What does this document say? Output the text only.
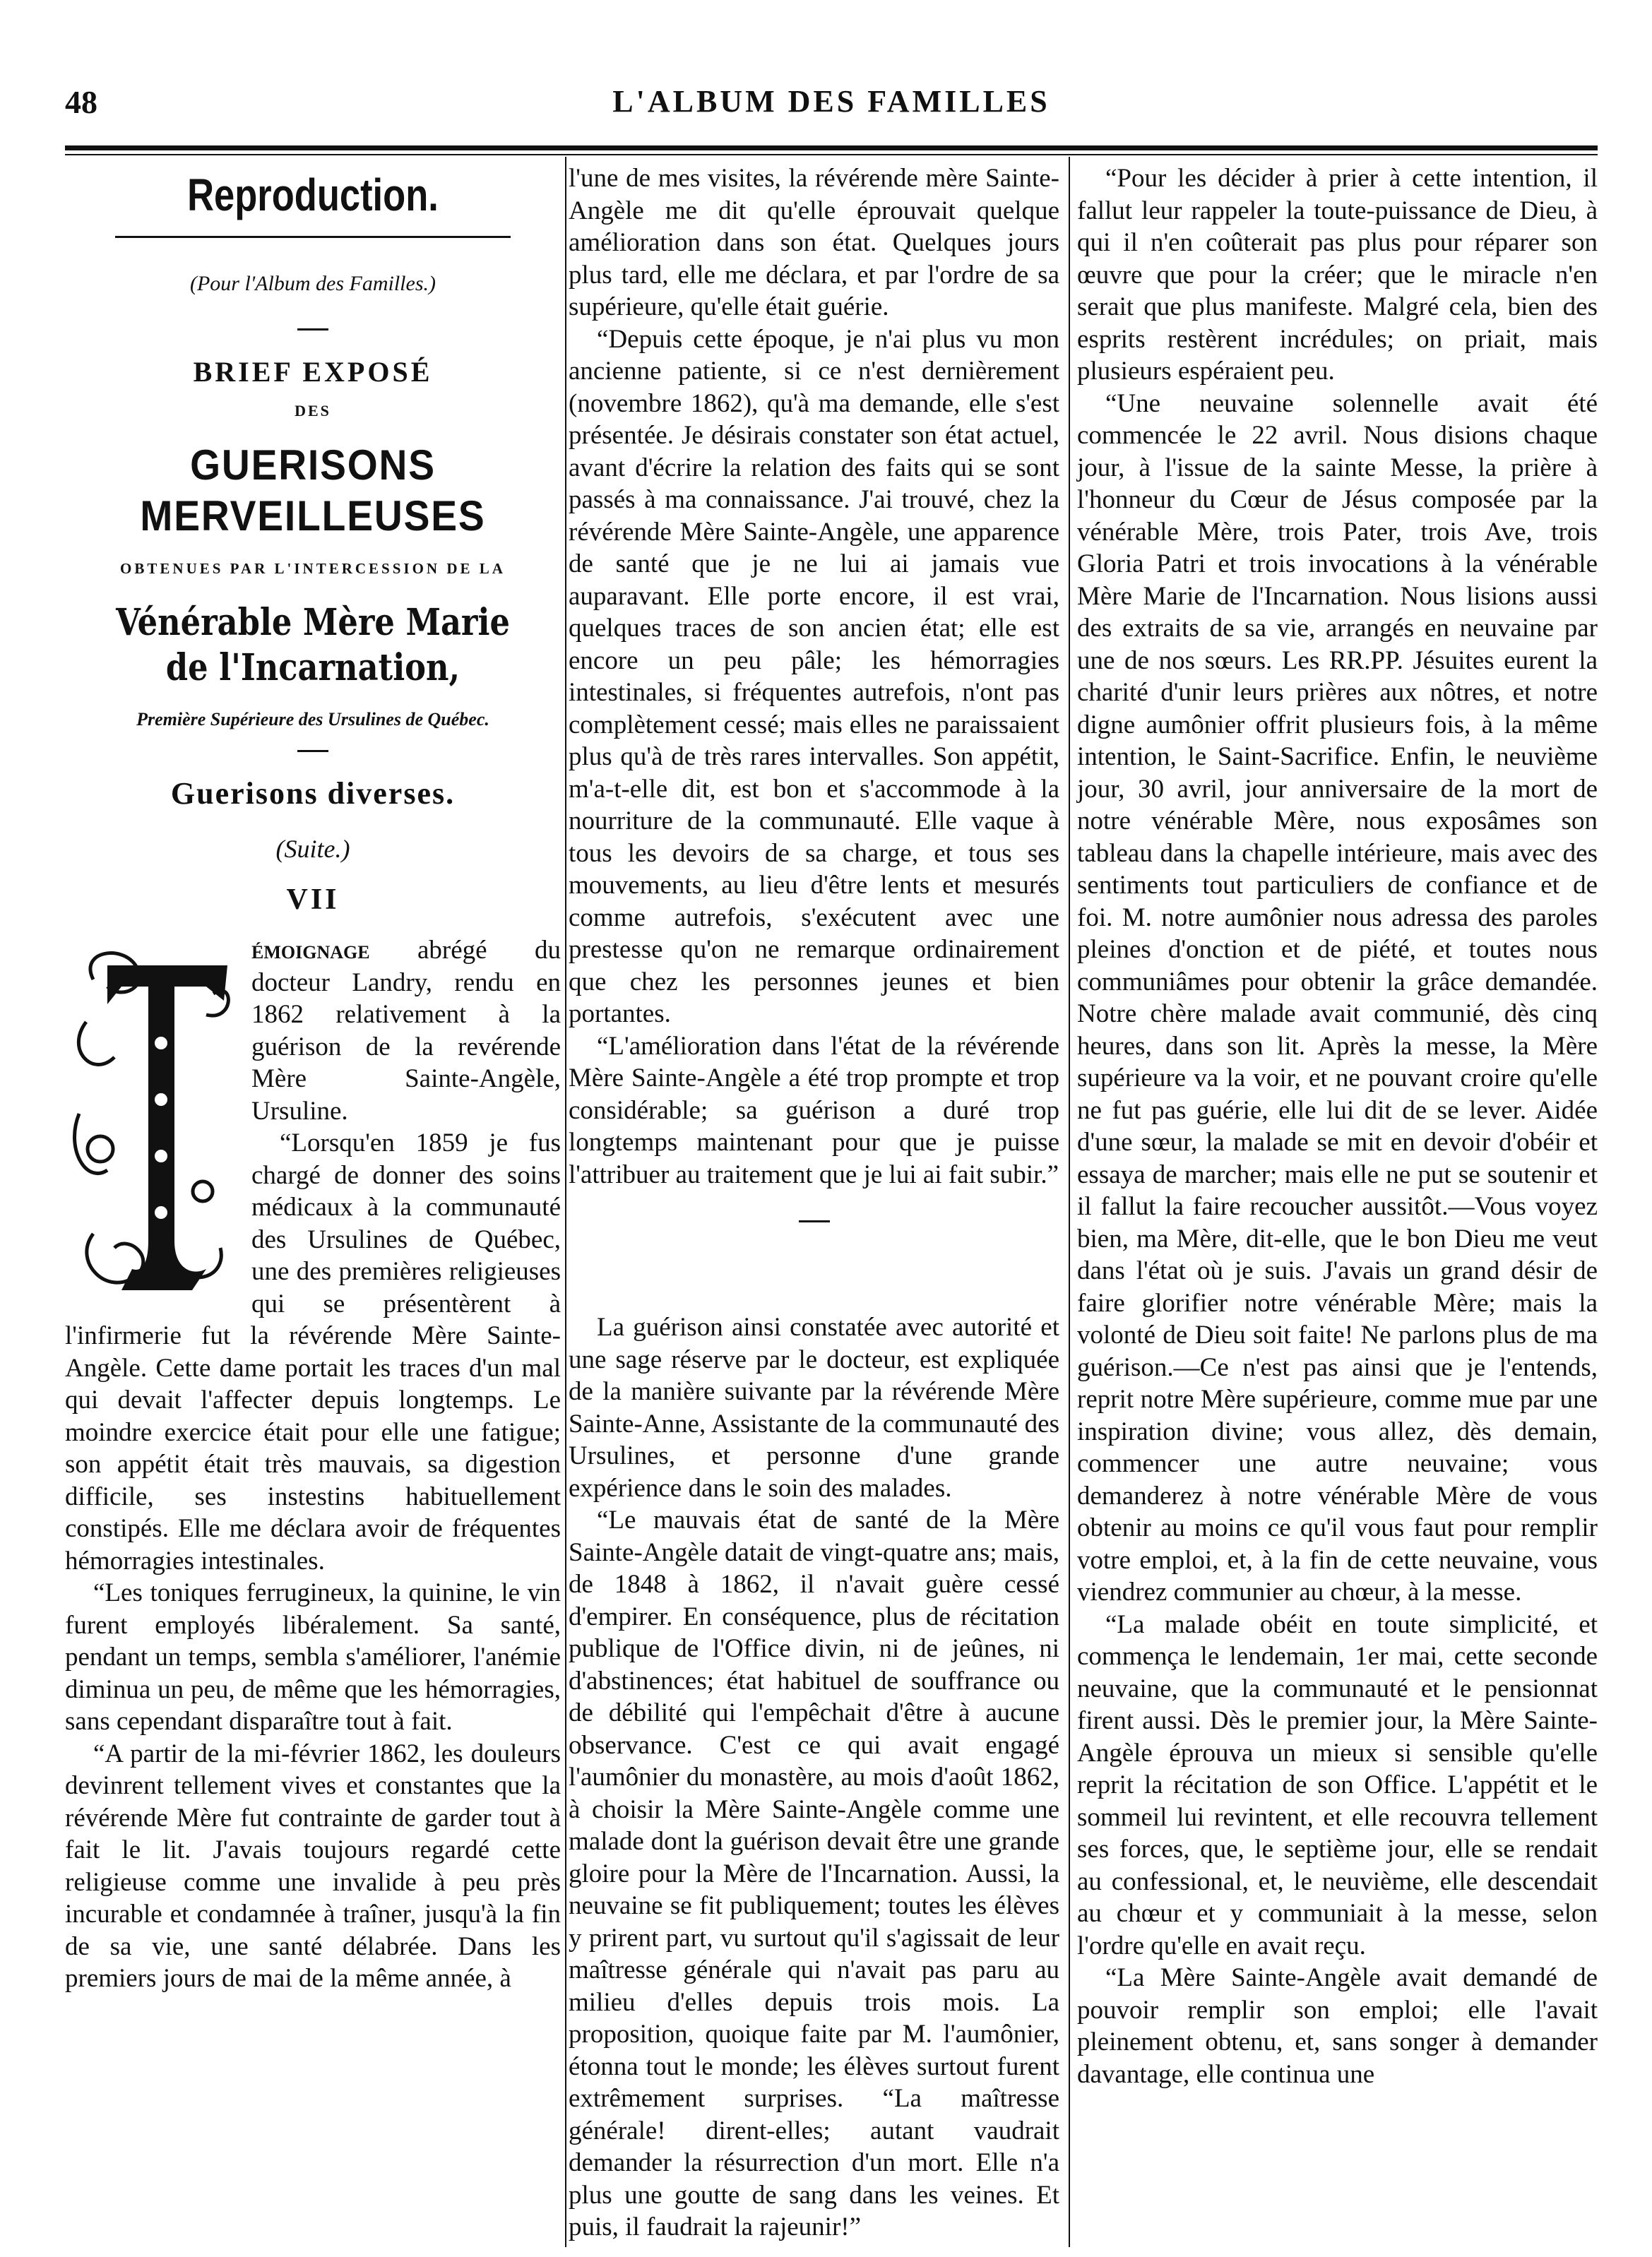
48	L'ALBUM DES FAMILLES
Reproduction.
(Pour l'Album des Familles.)
BRIEF EXPOSÉ
DES
GUERISONS MERVEILLEUSES
OBTENUES PAR L'INTERCESSION DE LA
Vénérable Mère Marie de l'Incarnation,
Première Supérieure des Ursulines de Québec.
Guerisons diverses.
(Suite.)
VII

émoignage abrégé du docteur Landry, rendu en 1862 relativement à la guérison de la revérende Mère Sainte-Angèle, Ursuline.

“Lorsqu'en 1859 je fus chargé de donner des soins médicaux à la communauté des Ursulines de Québec, une des premières religieuses qui se présentèrent à l'infirmerie fut la révérende Mère Sainte-Angèle. Cette dame portait les traces d'un mal qui devait l'affecter depuis longtemps. Le moindre exercice était pour elle une fatigue; son appétit était très mauvais, sa digestion difficile, ses instestins habituellement constipés. Elle me déclara avoir de fréquentes hémorragies intestinales.

“Les toniques ferrugineux, la quinine, le vin furent employés libéralement. Sa santé, pendant un temps, sembla s'améliorer, l'anémie diminua un peu, de même que les hémorragies, sans cependant disparaître tout à fait.

“A partir de la mi-février 1862, les douleurs devinrent tellement vives et constantes que la révérende Mère fut contrainte de garder tout à fait le lit. J'avais toujours regardé cette religieuse comme une invalide à peu près incurable et condamnée à traîner, jusqu'à la fin de sa vie, une santé délabrée. Dans les premiers jours de mai de la même année, à

l'une de mes visites, la révérende mère Sainte-Angèle me dit qu'elle éprouvait quelque amélioration dans son état. Quelques jours plus tard, elle me déclara, et par l'ordre de sa supérieure, qu'elle était guérie.

“Depuis cette époque, je n'ai plus vu mon ancienne patiente, si ce n'est dernièrement (novembre 1862), qu'à ma demande, elle s'est présentée. Je désirais constater son état actuel, avant d'écrire la relation des faits qui se sont passés à ma connaissance. J'ai trouvé, chez la révérende Mère Sainte-Angèle, une apparence de santé que je ne lui ai jamais vue auparavant. Elle porte encore, il est vrai, quelques traces de son ancien état; elle est encore un peu pâle; les hémorragies intestinales, si fréquentes autrefois, n'ont pas complètement cessé; mais elles ne paraissaient plus qu'à de très rares intervalles. Son appétit, m'a-t-elle dit, est bon et s'accommode à la nourriture de la communauté. Elle vaque à tous les devoirs de sa charge, et tous ses mouvements, au lieu d'être lents et mesurés comme autrefois, s'exécutent avec une prestesse qu'on ne remarque ordinairement que chez les personnes jeunes et bien portantes.

“L'amélioration dans l'état de la révérende Mère Sainte-Angèle a été trop prompte et trop considérable; sa guérison a duré trop longtemps maintenant pour que je puisse l'attribuer au traitement que je lui ai fait subir.”

La guérison ainsi constatée avec autorité et une sage réserve par le docteur, est expliquée de la manière suivante par la révérende Mère Sainte-Anne, Assistante de la communauté des Ursulines, et personne d'une grande expérience dans le soin des malades.

“Le mauvais état de santé de la Mère Sainte-Angèle datait de vingt-quatre ans; mais, de 1848 à 1862, il n'avait guère cessé d'empirer. En conséquence, plus de récitation publique de l'Office divin, ni de jeûnes, ni d'abstinences; état habituel de souffrance ou de débilité qui l'empêchait d'être à aucune observance. C'est ce qui avait engagé l'aumônier du monastère, au mois d'août 1862, à choisir la Mère Sainte-Angèle comme une malade dont la guérison devait être une grande gloire pour la Mère de l'Incarnation. Aussi, la neuvaine se fit publiquement; toutes les élèves y prirent part, vu surtout qu'il s'agissait de leur maîtresse générale qui n'avait pas paru au milieu d'elles depuis trois mois. La proposition, quoique faite par M. l'aumônier, étonna tout le monde; les élèves surtout furent extrêmement surprises. “La maîtresse générale! dirent-elles; autant vaudrait demander la résurrection d'un mort. Elle n'a plus une goutte de sang dans les veines. Et puis, il faudrait la rajeunir!”

“Pour les décider à prier à cette intention, il fallut leur rappeler la toute-puissance de Dieu, à qui il n'en coûterait pas plus pour réparer son œuvre que pour la créer; que le miracle n'en serait que plus manifeste. Malgré cela, bien des esprits restèrent incrédules; on priait, mais plusieurs espéraient peu.

“Une neuvaine solennelle avait été commencée le 22 avril. Nous disions chaque jour, à l'issue de la sainte Messe, la prière à l'honneur du Cœur de Jésus composée par la vénérable Mère, trois Pater, trois Ave, trois Gloria Patri et trois invocations à la vénérable Mère Marie de l'Incarnation. Nous lisions aussi des extraits de sa vie, arrangés en neuvaine par une de nos sœurs. Les RR.PP. Jésuites eurent la charité d'unir leurs prières aux nôtres, et notre digne aumônier offrit plusieurs fois, à la même intention, le Saint-Sacrifice. Enfin, le neuvième jour, 30 avril, jour anniversaire de la mort de notre vénérable Mère, nous exposâmes son tableau dans la chapelle intérieure, mais avec des sentiments tout particuliers de confiance et de foi. M. notre aumônier nous adressa des paroles pleines d'onction et de piété, et toutes nous communiâmes pour obtenir la grâce demandée. Notre chère malade avait communié, dès cinq heures, dans son lit. Après la messe, la Mère supérieure va la voir, et ne pouvant croire qu'elle ne fut pas guérie, elle lui dit de se lever. Aidée d'une sœur, la malade se mit en devoir d'obéir et essaya de marcher; mais elle ne put se soutenir et il fallut la faire recoucher aussitôt.—Vous voyez bien, ma Mère, dit-elle, que le bon Dieu me veut dans l'état où je suis. J'avais un grand désir de faire glorifier notre vénérable Mère; mais la volonté de Dieu soit faite! Ne parlons plus de ma guérison.—Ce n'est pas ainsi que je l'entends, reprit notre Mère supérieure, comme mue par une inspiration divine; vous allez, dès demain, commencer une autre neuvaine; vous demanderez à notre vénérable Mère de vous obtenir au moins ce qu'il vous faut pour remplir votre emploi, et, à la fin de cette neuvaine, vous viendrez communier au chœur, à la messe.

“La malade obéit en toute simplicité, et commença le lendemain, 1er mai, cette seconde neuvaine, que la communauté et le pensionnat firent aussi. Dès le premier jour, la Mère Sainte-Angèle éprouva un mieux si sensible qu'elle reprit la récitation de son Office. L'appétit et le sommeil lui revintent, et elle recouvra tellement ses forces, que, le septième jour, elle se rendait au confessional, et, le neuvième, elle descendait au chœur et y communiait à la messe, selon l'ordre qu'elle en avait reçu.

“La Mère Sainte-Angèle avait demandé de pouvoir remplir son emploi; elle l'avait pleinement obtenu, et, sans songer à demander davantage, elle continua une
